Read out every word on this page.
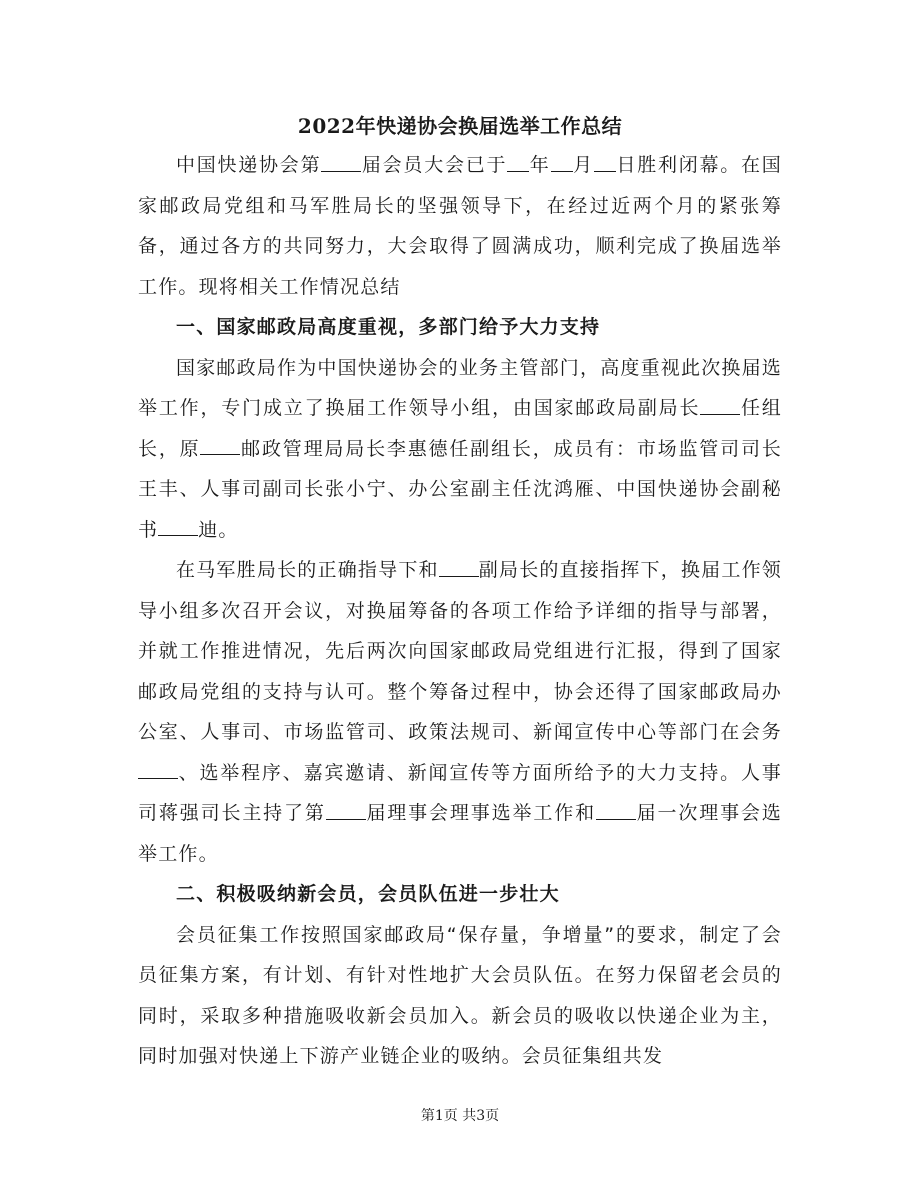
2022年快递协会换届选举工作总结

中国快递协会第 届会员大会已于 年 月 日胜利闭幕。在国家邮政局党组和马军胜局长的坚强领导下，在经过近两个月的紧张筹备，通过各方的共同努力，大会取得了圆满成功，顺利完成了换届选举工作。现将相关工作情况总结

一、国家邮政局高度重视，多部门给予大力支持

国家邮政局作为中国快递协会的业务主管部门，高度重视此次换届选举工作，专门成立了换届工作领导小组，由国家邮政局副局长 任组长，原 邮政管理局局长李惠德任副组长，成员有：市场监管司司长王丰、人事司副司长张小宁、办公室副主任沈鸿雁、中国快递协会副秘书 迪。

在马军胜局长的正确指导下和 副局长的直接指挥下，换届工作领导小组多次召开会议，对换届筹备的各项工作给予详细的指导与部署，并就工作推进情况，先后两次向国家邮政局党组进行汇报，得到了国家邮政局党组的支持与认可。整个筹备过程中，协会还得了国家邮政局办公室、人事司、市场监管司、政策法规司、新闻宣传中心等部门在会务、选举程序、嘉宾邀请、新闻宣传等方面所给予的大力支持。人事司蒋强司长主持了第 届理事会理事选举工作和 届一次理事会选举工作。

二、积极吸纳新会员，会员队伍进一步壮大

会员征集工作按照国家邮政局“保存量，争增量”的要求，制定了会员征集方案，有计划、有针对性地扩大会员队伍。在努力保留老会员的同时，采取多种措施吸收新会员加入。新会员的吸收以快递企业为主，同时加强对快递上下游产业链企业的吸纳。会员征集组共发

第1页 共3页
